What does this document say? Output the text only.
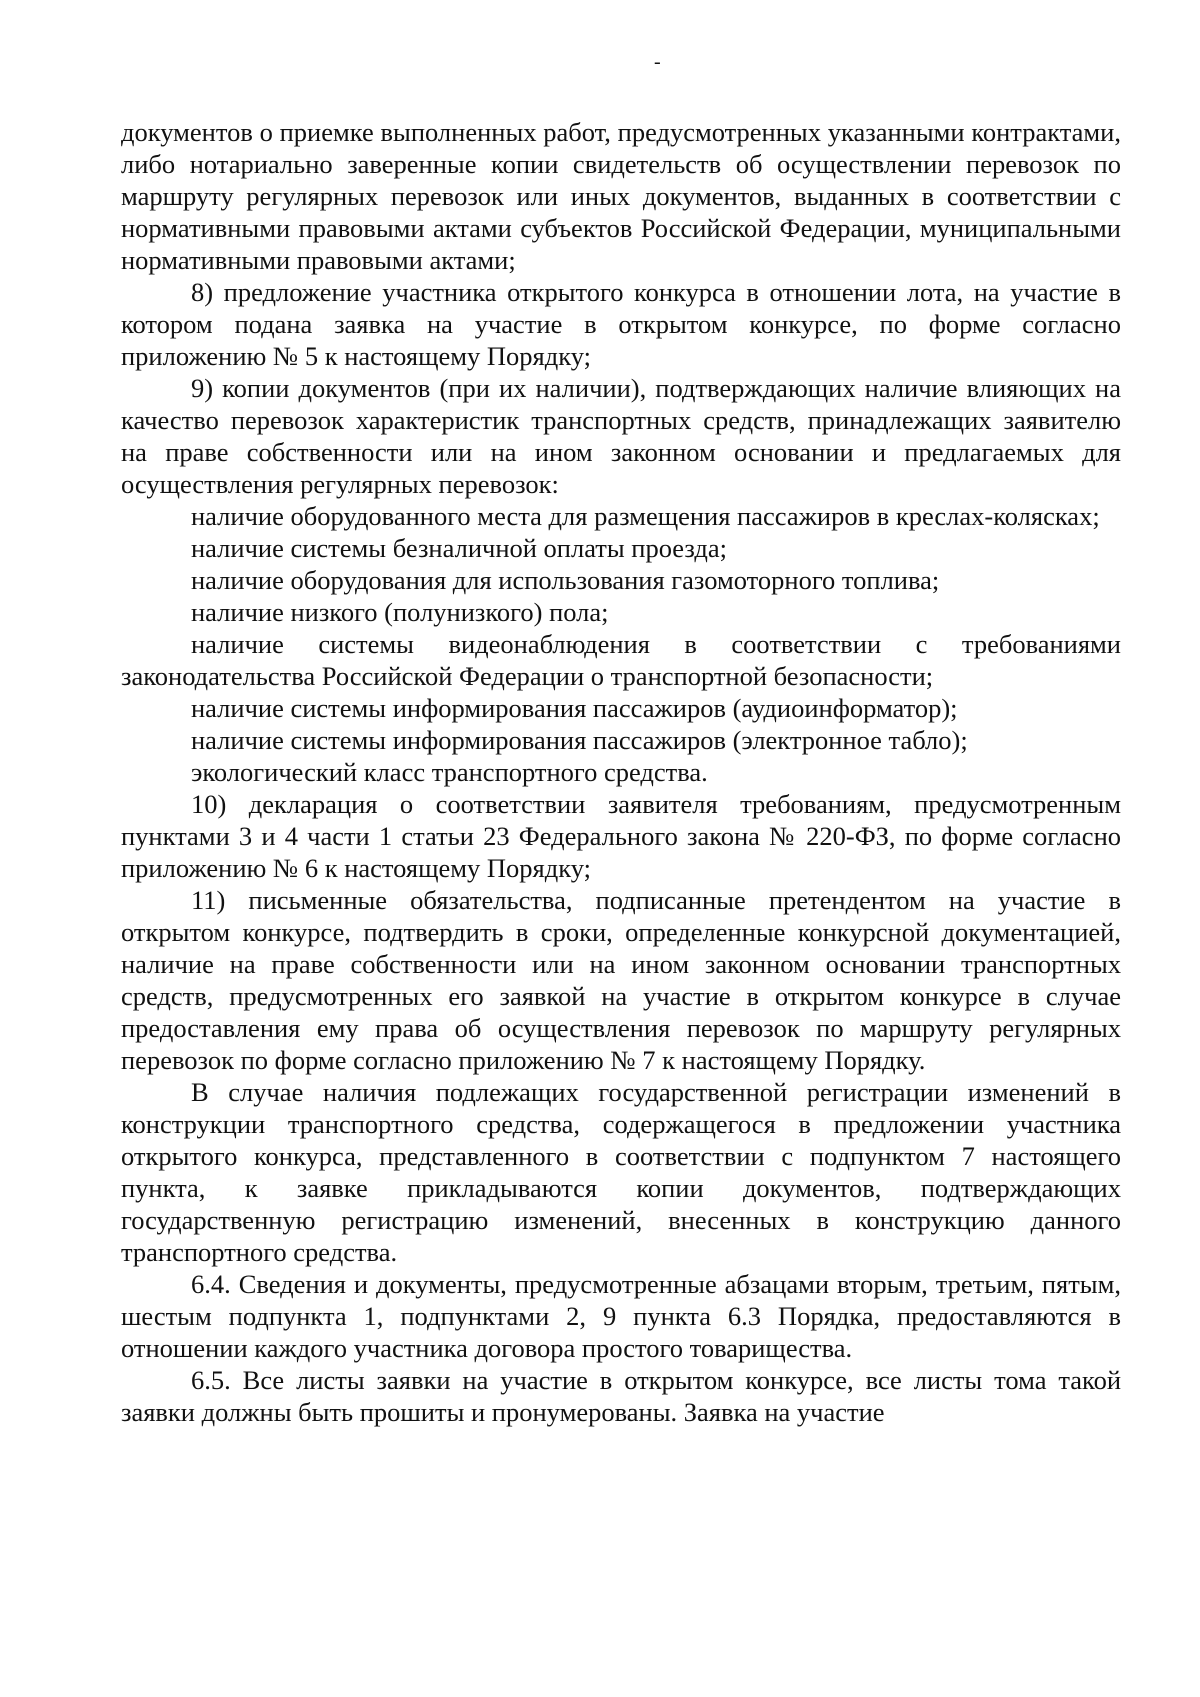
-

документов о приемке выполненных работ, предусмотренных указанными контрактами, либо нотариально заверенные копии свидетельств об осуществлении перевозок по маршруту регулярных перевозок или иных документов, выданных в соответствии с нормативными правовыми актами субъектов Российской Федерации, муниципальными нормативными правовыми актами;

8) предложение участника открытого конкурса в отношении лота, на участие в котором подана заявка на участие в открытом конкурсе, по форме согласно приложению № 5 к настоящему Порядку;

9) копии документов (при их наличии), подтверждающих наличие влияющих на качество перевозок характеристик транспортных средств, принадлежащих заявителю на праве собственности или на ином законном основании и предлагаемых для осуществления регулярных перевозок:

наличие оборудованного места для размещения пассажиров в креслах-колясках;

наличие системы безналичной оплаты проезда;

наличие оборудования для использования газомоторного топлива;

наличие низкого (полунизкого) пола;

наличие системы видеонаблюдения в соответствии с требованиями законодательства Российской Федерации о транспортной безопасности;

наличие системы информирования пассажиров (аудиоинформатор);

наличие системы информирования пассажиров (электронное табло);

экологический класс транспортного средства.

10) декларация о соответствии заявителя требованиям, предусмотренным пунктами 3 и 4 части 1 статьи 23 Федерального закона № 220-ФЗ, по форме согласно приложению № 6 к настоящему Порядку;

11) письменные обязательства, подписанные претендентом на участие в открытом конкурсе, подтвердить в сроки, определенные конкурсной документацией, наличие на праве собственности или на ином законном основании транспортных средств, предусмотренных его заявкой на участие в открытом конкурсе в случае предоставления ему права об осуществления перевозок по маршруту регулярных перевозок по форме согласно приложению № 7 к настоящему Порядку.

В случае наличия подлежащих государственной регистрации изменений в конструкции транспортного средства, содержащегося в предложении участника открытого конкурса, представленного в соответствии с подпунктом 7 настоящего пункта, к заявке прикладываются копии документов, подтверждающих государственную регистрацию изменений, внесенных в конструкцию данного транспортного средства.

6.4. Сведения и документы, предусмотренные абзацами вторым, третьим, пятым, шестым подпункта 1, подпунктами 2, 9 пункта 6.3 Порядка, предоставляются в отношении каждого участника договора простого товарищества.

6.5. Все листы заявки на участие в открытом конкурсе, все листы тома такой заявки должны быть прошиты и пронумерованы. Заявка на участие
